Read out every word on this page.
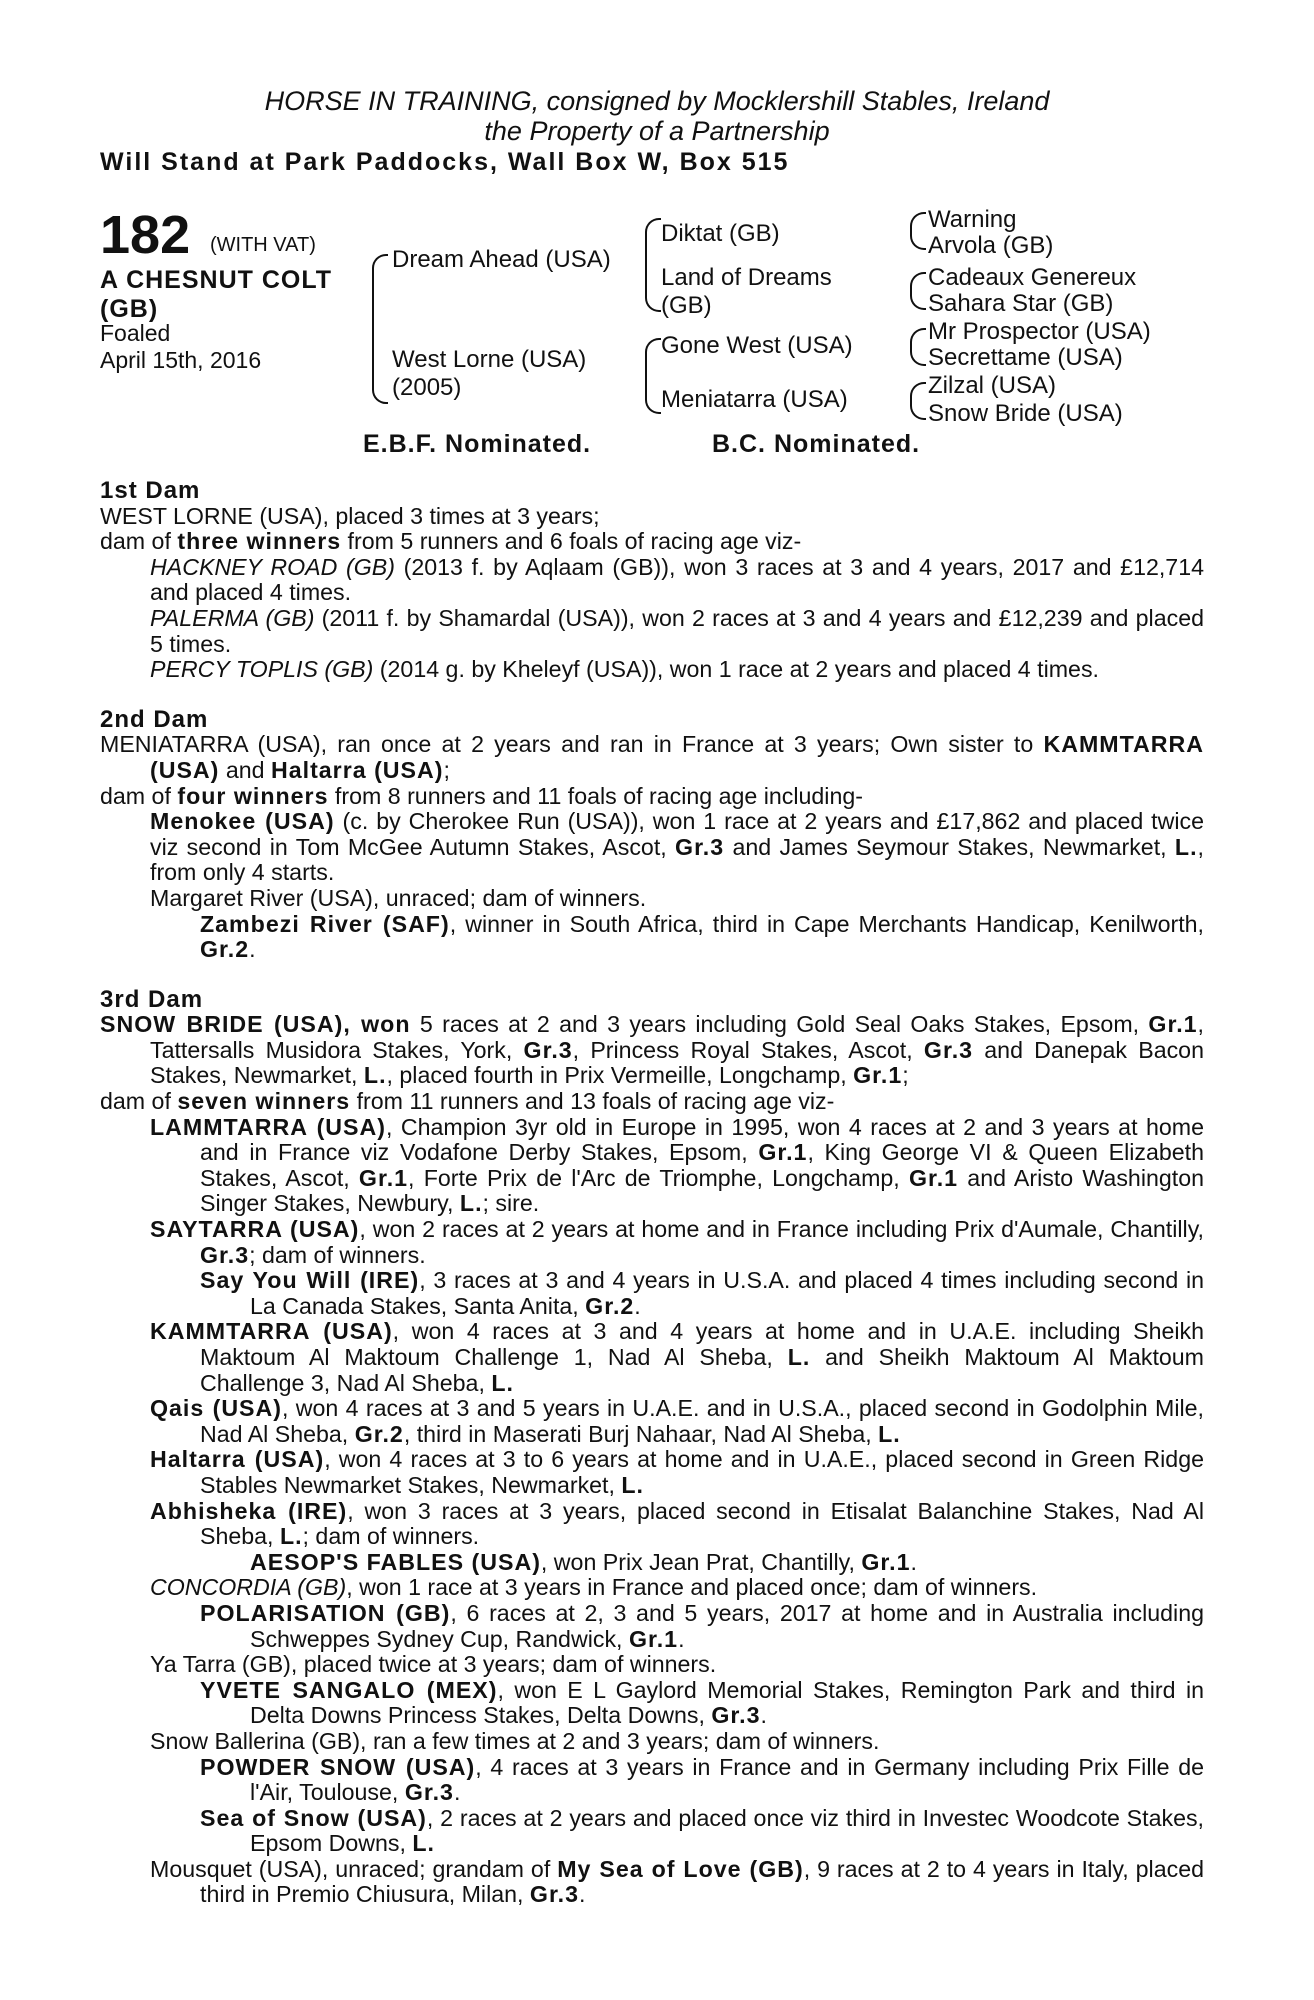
HORSE IN TRAINING, consigned by Mocklershill Stables, Ireland
the Property of a Partnership
Will Stand at Park Paddocks, Wall Box W, Box 515
182 (WITH VAT)
A CHESNUT COLT
(GB)
Foaled
April 15th, 2016
Dream Ahead (USA)
West Lorne (USA)
(2005)
Diktat (GB)
Land of Dreams
(GB)
Gone West (USA)
Meniatarra (USA)
Warning
Arvola (GB)
Cadeaux Genereux
Sahara Star (GB)
Mr Prospector (USA)
Secrettame (USA)
Zilzal (USA)
Snow Bride (USA)
E.B.F. Nominated.	B.C. Nominated.
1st Dam

WEST LORNE (USA), placed 3 times at 3 years;

dam of three winners from 5 runners and 6 foals of racing age viz-

HACKNEY ROAD (GB) (2013 f. by Aqlaam (GB)), won 3 races at 3 and 4 years, 2017 and £12,714 and placed 4 times.

PALERMA (GB) (2011 f. by Shamardal (USA)), won 2 races at 3 and 4 years and £12,239 and placed 5 times.

PERCY TOPLIS (GB) (2014 g. by Kheleyf (USA)), won 1 race at 2 years and placed 4 times.

2nd Dam

MENIATARRA (USA), ran once at 2 years and ran in France at 3 years; Own sister to KAMMTARRA (USA) and Haltarra (USA);

dam of four winners from 8 runners and 11 foals of racing age including-

Menokee (USA) (c. by Cherokee Run (USA)), won 1 race at 2 years and £17,862 and placed twice viz second in Tom McGee Autumn Stakes, Ascot, Gr.3 and James Seymour Stakes, Newmarket, L., from only 4 starts.

Margaret River (USA), unraced; dam of winners.

Zambezi River (SAF), winner in South Africa, third in Cape Merchants Handicap, Kenilworth, Gr.2.

3rd Dam

SNOW BRIDE (USA), won 5 races at 2 and 3 years including Gold Seal Oaks Stakes, Epsom, Gr.1, Tattersalls Musidora Stakes, York, Gr.3, Princess Royal Stakes, Ascot, Gr.3 and Danepak Bacon Stakes, Newmarket, L., placed fourth in Prix Vermeille, Longchamp, Gr.1;

dam of seven winners from 11 runners and 13 foals of racing age viz-

LAMMTARRA (USA), Champion 3yr old in Europe in 1995, won 4 races at 2 and 3 years at home and in France viz Vodafone Derby Stakes, Epsom, Gr.1, King George VI & Queen Elizabeth Stakes, Ascot, Gr.1, Forte Prix de l'Arc de Triomphe, Longchamp, Gr.1 and Aristo Washington Singer Stakes, Newbury, L.; sire.

SAYTARRA (USA), won 2 races at 2 years at home and in France including Prix d'Aumale, Chantilly, Gr.3; dam of winners.

Say You Will (IRE), 3 races at 3 and 4 years in U.S.A. and placed 4 times including second in La Canada Stakes, Santa Anita, Gr.2.

KAMMTARRA (USA), won 4 races at 3 and 4 years at home and in U.A.E. including Sheikh Maktoum Al Maktoum Challenge 1, Nad Al Sheba, L. and Sheikh Maktoum Al Maktoum Challenge 3, Nad Al Sheba, L.

Qais (USA), won 4 races at 3 and 5 years in U.A.E. and in U.S.A., placed second in Godolphin Mile, Nad Al Sheba, Gr.2, third in Maserati Burj Nahaar, Nad Al Sheba, L.

Haltarra (USA), won 4 races at 3 to 6 years at home and in U.A.E., placed second in Green Ridge Stables Newmarket Stakes, Newmarket, L.

Abhisheka (IRE), won 3 races at 3 years, placed second in Etisalat Balanchine Stakes, Nad Al Sheba, L.; dam of winners.

AESOP'S FABLES (USA), won Prix Jean Prat, Chantilly, Gr.1.

CONCORDIA (GB), won 1 race at 3 years in France and placed once; dam of winners.

POLARISATION (GB), 6 races at 2, 3 and 5 years, 2017 at home and in Australia including Schweppes Sydney Cup, Randwick, Gr.1.

Ya Tarra (GB), placed twice at 3 years; dam of winners.

YVETE SANGALO (MEX), won E L Gaylord Memorial Stakes, Remington Park and third in Delta Downs Princess Stakes, Delta Downs, Gr.3.

Snow Ballerina (GB), ran a few times at 2 and 3 years; dam of winners.

POWDER SNOW (USA), 4 races at 3 years in France and in Germany including Prix Fille de l'Air, Toulouse, Gr.3.

Sea of Snow (USA), 2 races at 2 years and placed once viz third in Investec Woodcote Stakes, Epsom Downs, L.

Mousquet (USA), unraced; grandam of My Sea of Love (GB), 9 races at 2 to 4 years in Italy, placed third in Premio Chiusura, Milan, Gr.3.
